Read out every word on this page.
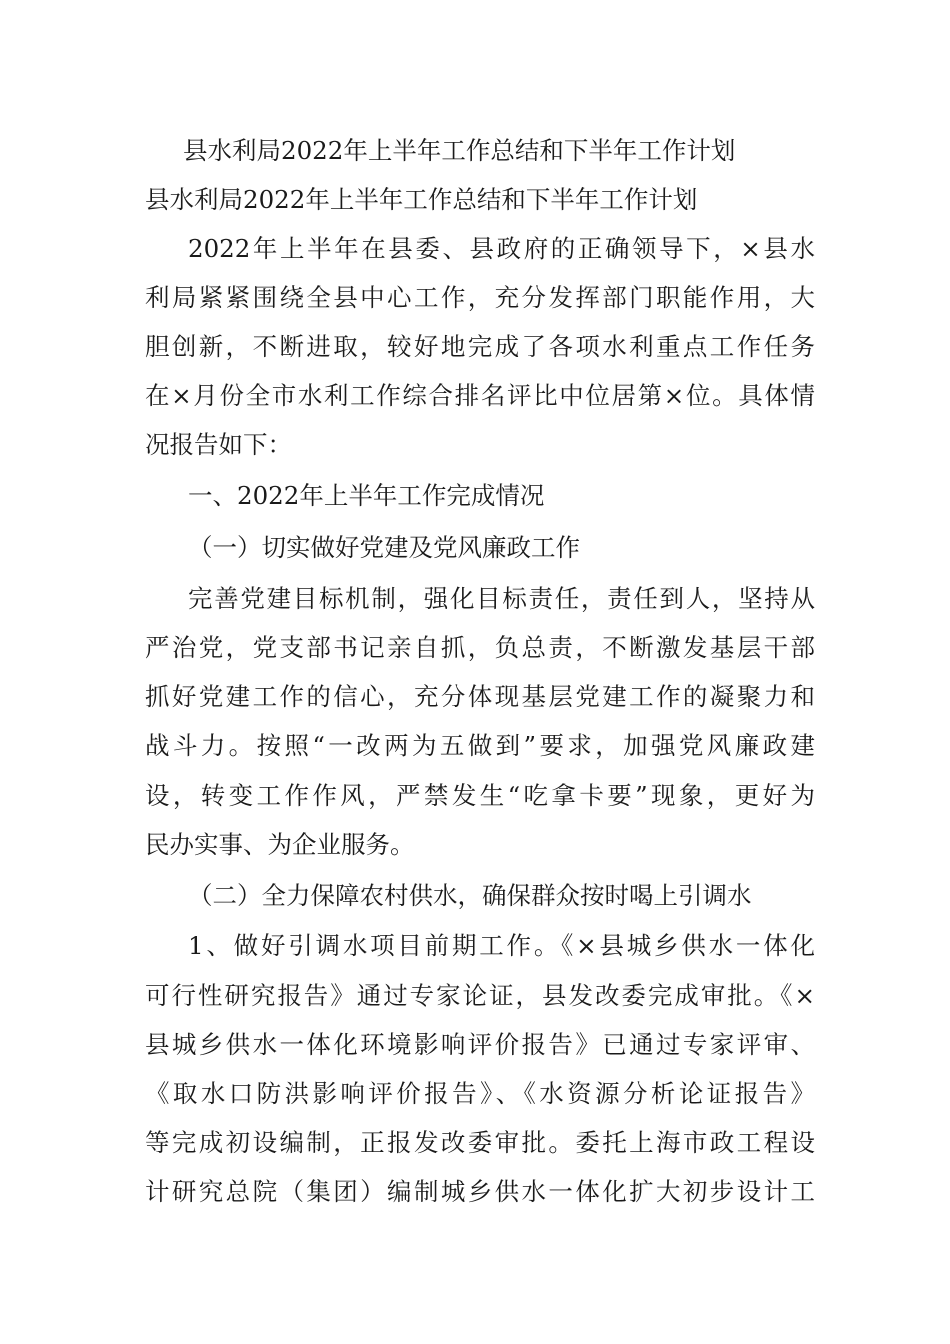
县水利局2022年上半年工作总结和下半年工作计划
县水利局2022年上半年工作总结和下半年工作计划
2022年上半年在县委、县政府的正确领导下，×县水
利局紧紧围绕全县中心工作，充分发挥部门职能作用，大
胆创新，不断进取，较好地完成了各项水利重点工作任务
在×月份全市水利工作综合排名评比中位居第×位。具体情
况报告如下：
一、2022年上半年工作完成情况
（一）切实做好党建及党风廉政工作
完善党建目标机制，强化目标责任，责任到人，坚持从
严治党，党支部书记亲自抓，负总责，不断激发基层干部
抓好党建工作的信心，充分体现基层党建工作的凝聚力和
战斗力。按照“一改两为五做到”要求，加强党风廉政建
设，转变工作作风，严禁发生“吃拿卡要”现象，更好为
民办实事、为企业服务。
（二）全力保障农村供水，确保群众按时喝上引调水
1、做好引调水项目前期工作。《×县城乡供水一体化
可行性研究报告》通过专家论证，县发改委完成审批。《×
县城乡供水一体化环境影响评价报告》已通过专家评审、
《取水口防洪影响评价报告》、《水资源分析论证报告》
等完成初设编制，正报发改委审批。委托上海市政工程设
计研究总院（集团）编制城乡供水一体化扩大初步设计工
